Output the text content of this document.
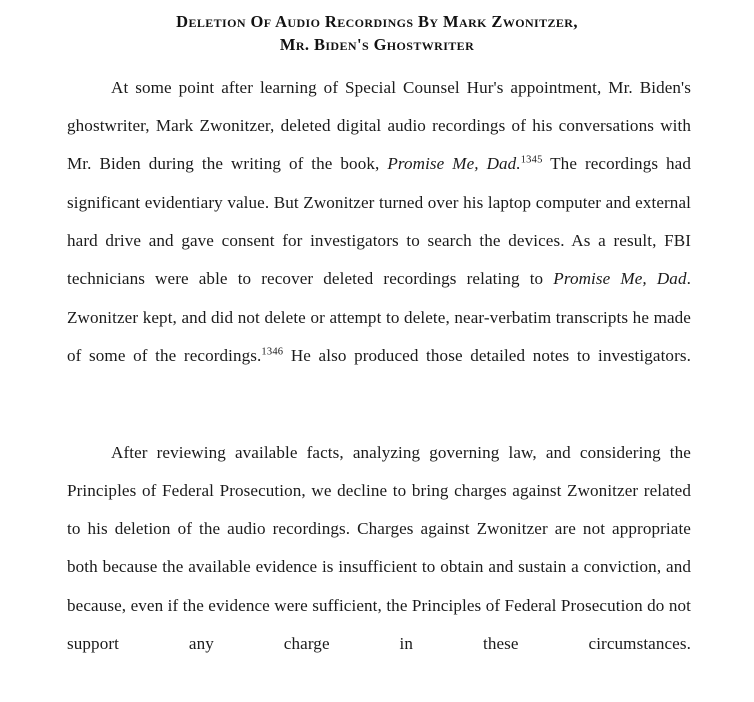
Deletion Of Audio Recordings By Mark Zwonitzer,
Mr. Biden's Ghostwriter

At some point after learning of Special Counsel Hur's appointment, Mr. Biden's ghostwriter, Mark Zwonitzer, deleted digital audio recordings of his conversations with Mr. Biden during the writing of the book, Promise Me, Dad.$^{1345}$ The recordings had significant evidentiary value. But Zwonitzer turned over his laptop computer and external hard drive and gave consent for investigators to search the devices. As a result, FBI technicians were able to recover deleted recordings relating to Promise Me, Dad. Zwonitzer kept, and did not delete or attempt to delete, near-verbatim transcripts he made of some of the recordings.$^{1346}$ He also produced those detailed notes to investigators.

After reviewing available facts, analyzing governing law, and considering the Principles of Federal Prosecution, we decline to bring charges against Zwonitzer related to his deletion of the audio recordings. Charges against Zwonitzer are not appropriate both because the available evidence is insufficient to obtain and sustain a conviction, and because, even if the evidence were sufficient, the Principles of Federal Prosecution do not support any charge in these circumstances.
